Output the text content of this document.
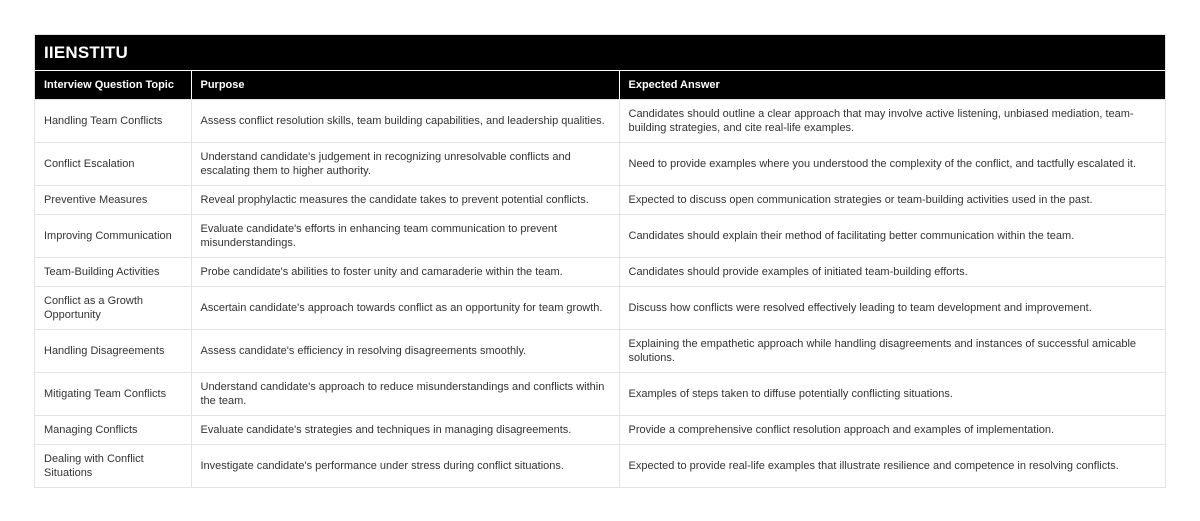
IIENSTITU
Interview Question Topic	Purpose	Expected Answer
Handling Team Conflicts	Assess conflict resolution skills, team building capabilities, and leadership qualities.	Candidates should outline a clear approach that may involve active listening, unbiased mediation, team-building strategies, and cite real-life examples.
Conflict Escalation	Understand candidate's judgement in recognizing unresolvable conflicts and escalating them to higher authority.	Need to provide examples where you understood the complexity of the conflict, and tactfully escalated it.
Preventive Measures	Reveal prophylactic measures the candidate takes to prevent potential conflicts.	Expected to discuss open communication strategies or team-building activities used in the past.
Improving Communication	Evaluate candidate's efforts in enhancing team communication to prevent misunderstandings.	Candidates should explain their method of facilitating better communication within the team.
Team-Building Activities	Probe candidate's abilities to foster unity and camaraderie within the team.	Candidates should provide examples of initiated team-building efforts.
Conflict as a Growth Opportunity	Ascertain candidate's approach towards conflict as an opportunity for team growth.	Discuss how conflicts were resolved effectively leading to team development and improvement.
Handling Disagreements	Assess candidate's efficiency in resolving disagreements smoothly.	Explaining the empathetic approach while handling disagreements and instances of successful amicable solutions.
Mitigating Team Conflicts	Understand candidate's approach to reduce misunderstandings and conflicts within the team.	Examples of steps taken to diffuse potentially conflicting situations.
Managing Conflicts	Evaluate candidate's strategies and techniques in managing disagreements.	Provide a comprehensive conflict resolution approach and examples of implementation.
Dealing with Conflict Situations	Investigate candidate's performance under stress during conflict situations.	Expected to provide real-life examples that illustrate resilience and competence in resolving conflicts.
